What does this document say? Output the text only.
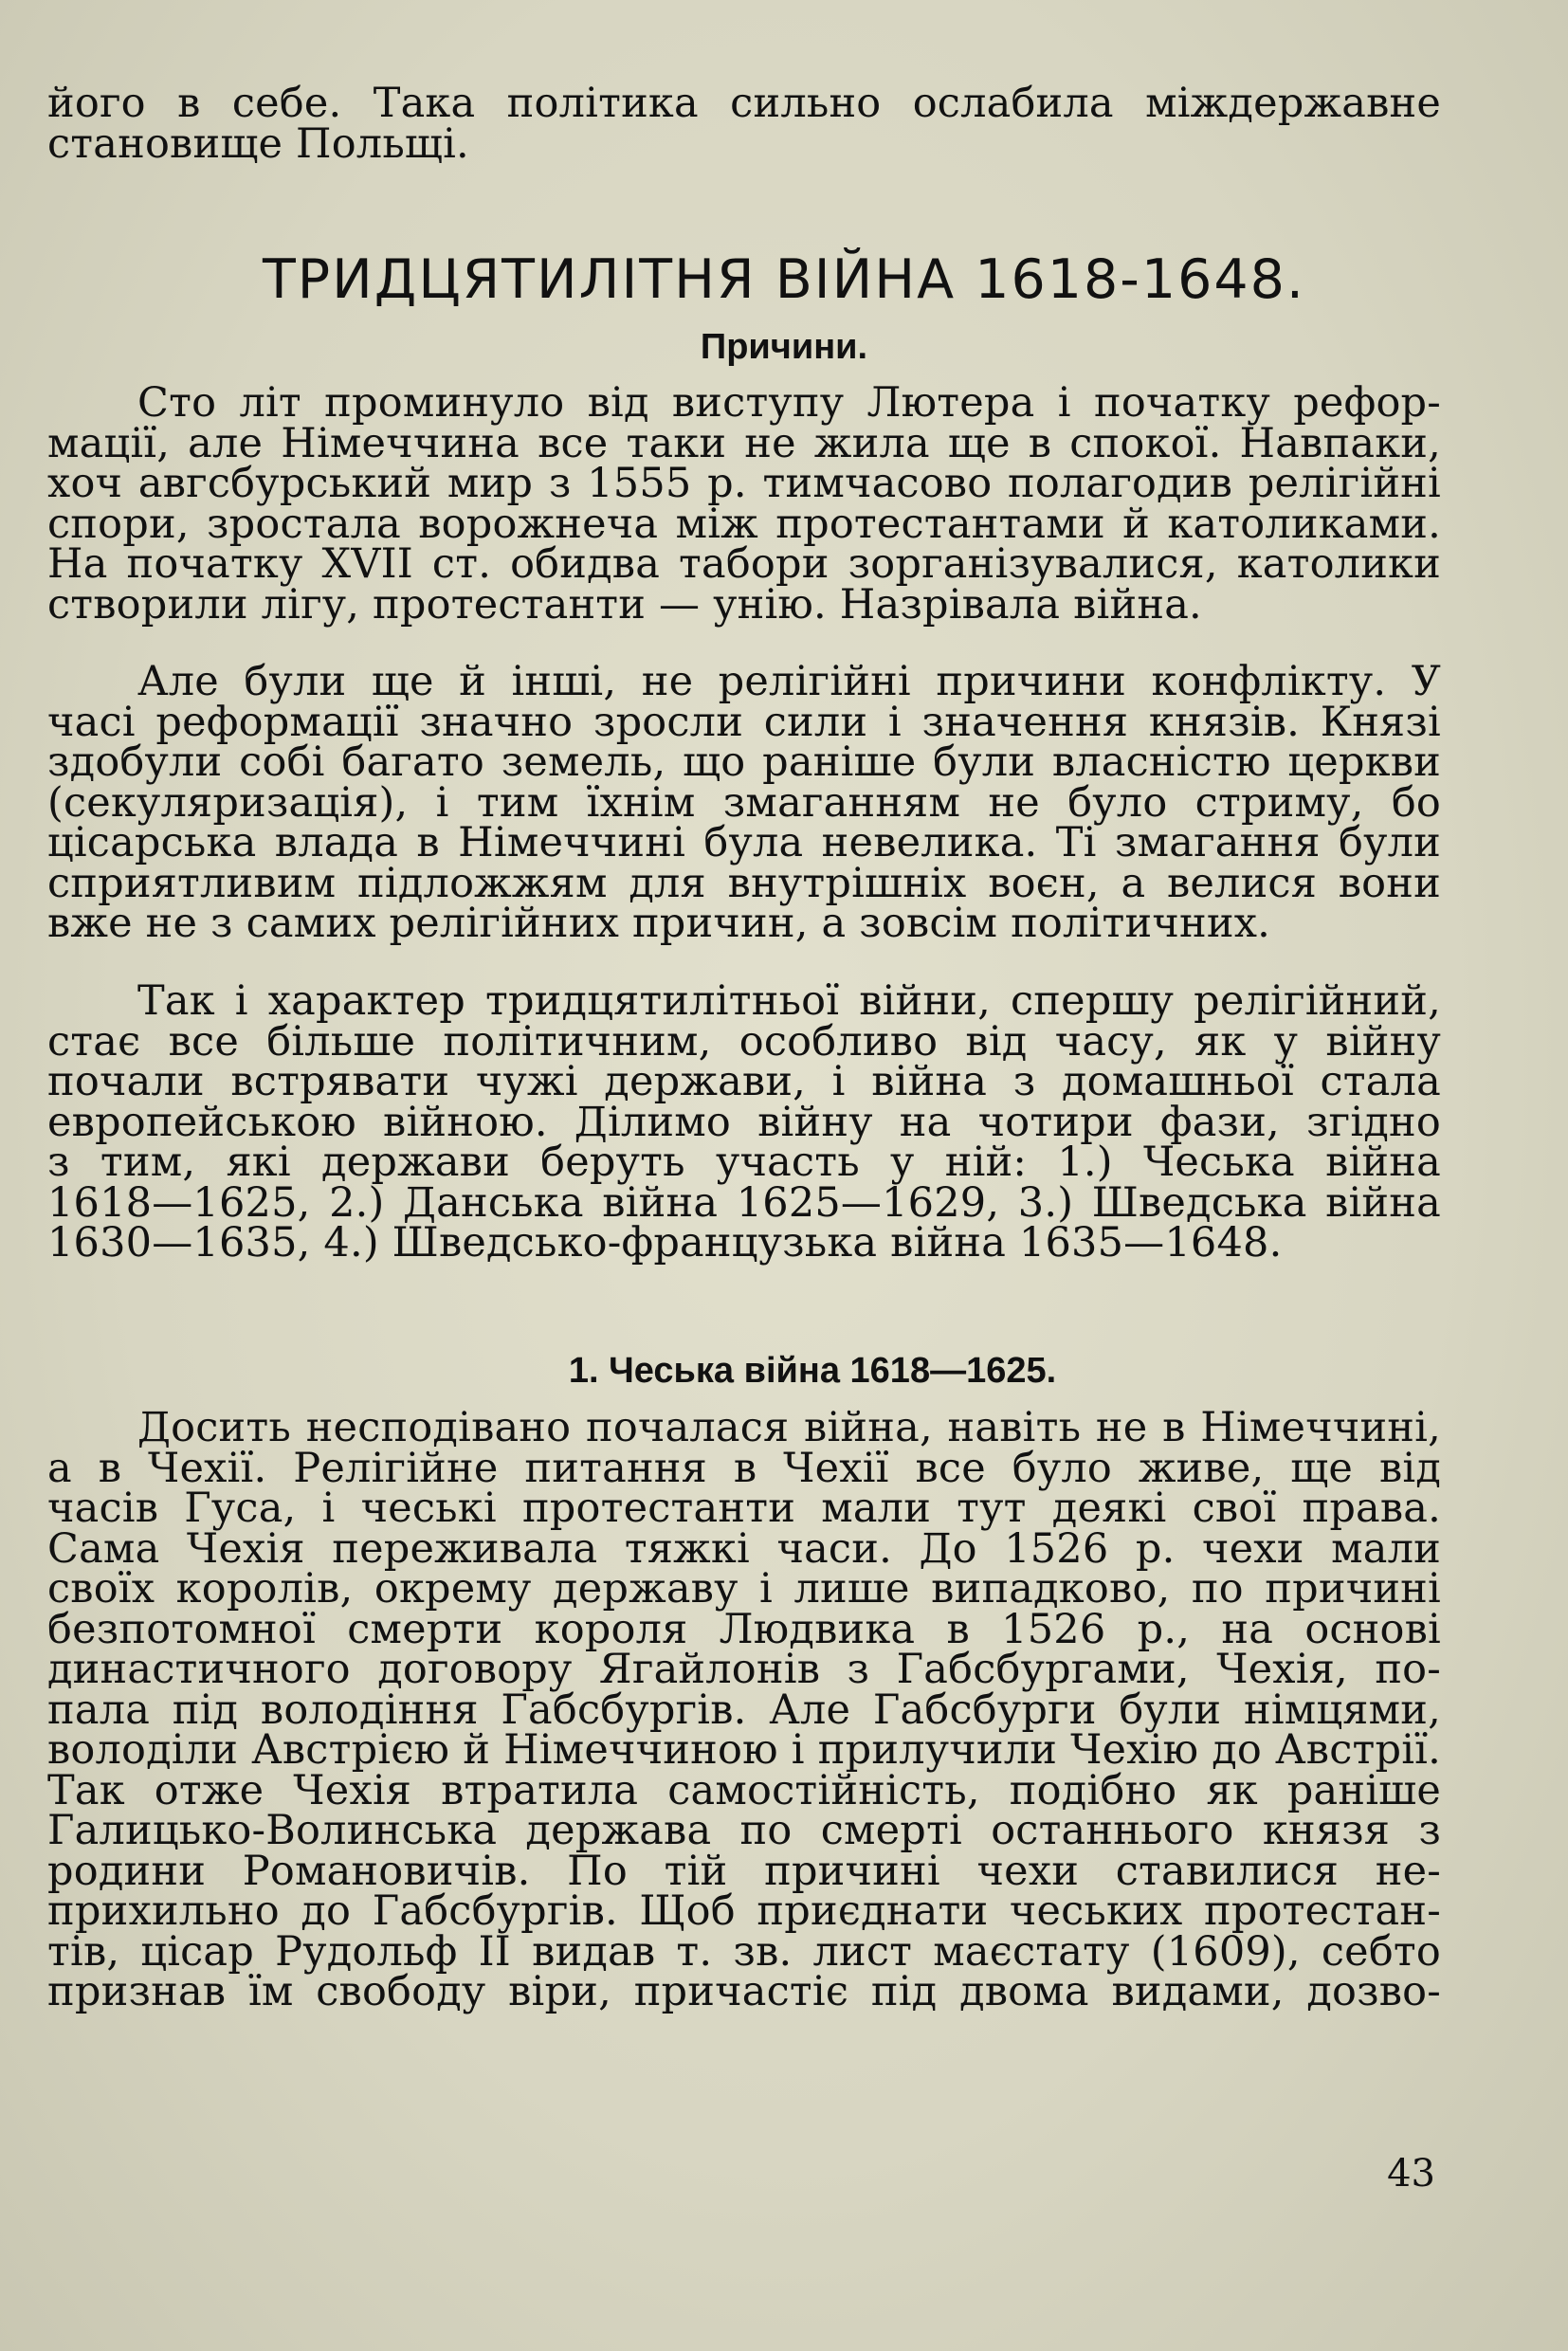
його в себе. Така політика сильно ослабила міждержавне
становище Польщі.
ТРИДЦЯТИЛІТНЯ ВІЙНА 1618-1648.
Причини.
Сто літ проминуло від виступу Лютера і початку рефор-
мації, але Німеччина все таки не жила ще в спокої. Навпаки,
хоч авгсбурський мир з 1555 р. тимчасово полагодив релігійні
спори, зростала ворожнеча між протестантами й католиками.
На початку XVII ст. обидва табори зорганізувалися, католики
створили лігу, протестанти — унію. Назрівала війна.
Але були ще й інші, не релігійні причини конфлікту. У
часі реформації значно зросли сили і значення князів. Князі
здобули собі багато земель, що раніше були власністю церкви
(секуляризація), і тим їхнім змаганням не було стриму, бо
цісарська влада в Німеччині була невелика. Ті змагання були
сприятливим підложжям для внутрішніх воєн, а велися вони
вже не з самих релігійних причин, а зовсім політичних.
Так і характер тридцятилітньої війни, спершу релігійний,
стає все більше політичним, особливо від часу, як у війну
почали встрявати чужі держави, і війна з домашньої стала
европейською війною. Ділимо війну на чотири фази, згідно
з тим, які держави беруть участь у ній: 1.) Чеська війна
1618—1625, 2.) Данська війна 1625—1629, 3.) Шведська війна
1630—1635, 4.) Шведсько-французька війна 1635—1648.
1. Чеська війна 1618—1625.
Досить несподівано почалася війна, навіть не в Німеччині,
а в Чехії. Релігійне питання в Чехії все було живе, ще від
часів Гуса, і чеські протестанти мали тут деякі свої права.
Сама Чехія переживала тяжкі часи. До 1526 р. чехи мали
своїх королів, окрему державу і лише випадково, по причині
безпотомної смерти короля Людвика в 1526 р., на основі
династичного договору Ягайлонів з Габсбургами, Чехія, по-
пала під володіння Габсбургів. Але Габсбурги були німцями,
володіли Австрією й Німеччиною і прилучили Чехію до Австрії.
Так отже Чехія втратила самостійність, подібно як раніше
Галицько-Волинська держава по смерті останнього князя з
родини Романовичів. По тій причині чехи ставилися не-
прихильно до Габсбургів. Щоб приєднати чеських протестан-
тів, цісар Рудольф II видав т. зв. лист маєстату (1609), себто
признав їм свободу віри, причастіє під двома видами, дозво-
43
